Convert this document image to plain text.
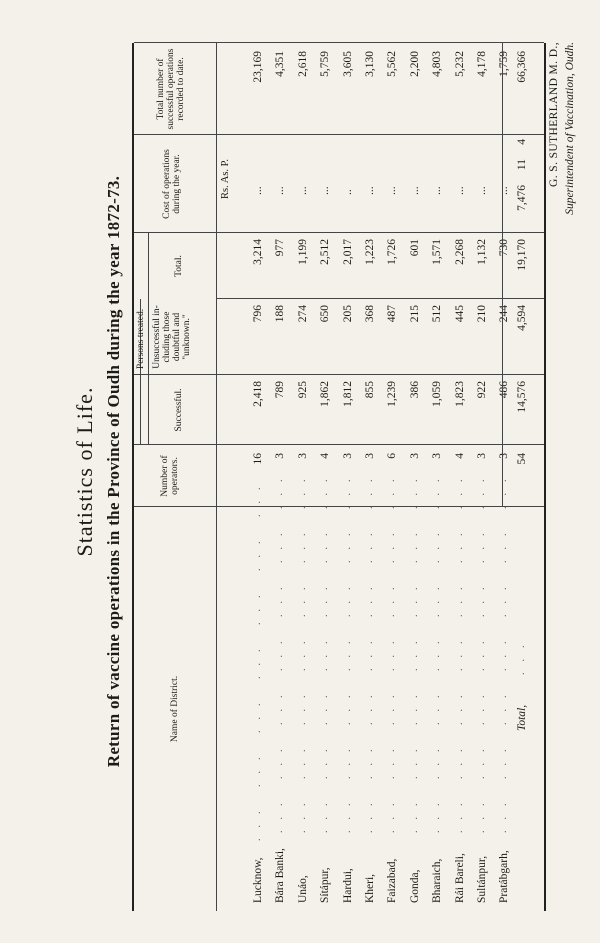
Statistics of Life. Return of vaccine operations in the Province of Oudh during the year 1872-73.	Name of District.
Number of operators.
Persons treated.
Successful.
Unsuccessful in-cluding those doubtful and "unknown."
Total.
Cost of operations during the year.
Total number of successful operations recorded to date.
Rs. As. P.
Lucknow,
16
2,418
796
3,214
...
23,169
... ... ... ... ... ... ...
Bára Banki,
3
789
188
977
...
4,351
... ... ... ... ... ... ...
Unáo,
3
925
274
1,199
...
2,618
... ... ... ... ... ... ...
Sítápur,
4
1,862
650
2,512
...
5,759
... ... ... ... ... ... ...
Hardui,
3
1,812
205
2,017
..
3,605
... ... ... ... ... ... ...
Kheri,
3
855
368
1,223
...
3,130
... ... ... ... ... ... ...
Faizabad,
6
1,239
487
1,726
...
5,562
... ... ... ... ... ... ...
Gonda,
3
386
215
601
...
2,200
... ... ... ... ... ... ...
Bharaich,
3
1,059
512
1,571
...
4,803
... ... ... ... ... ... ...
Rái Bareli,
4
1,823
445
2,268
...
5,232
... ... ... ... ... ... ...
Sultánpur,
3
922
210
1,132
...
4,178
... ... ... ... ... ... ...
Pratábgarh,
3
486
244
730
...
1,759
... ... ... ... ... ... ... Total,
...
54
14,576
4,594
19,170
7,476
11
4
66,366 G. S. SUTHERLAND M. D., Superintendent of Vaccination, Oudh.
